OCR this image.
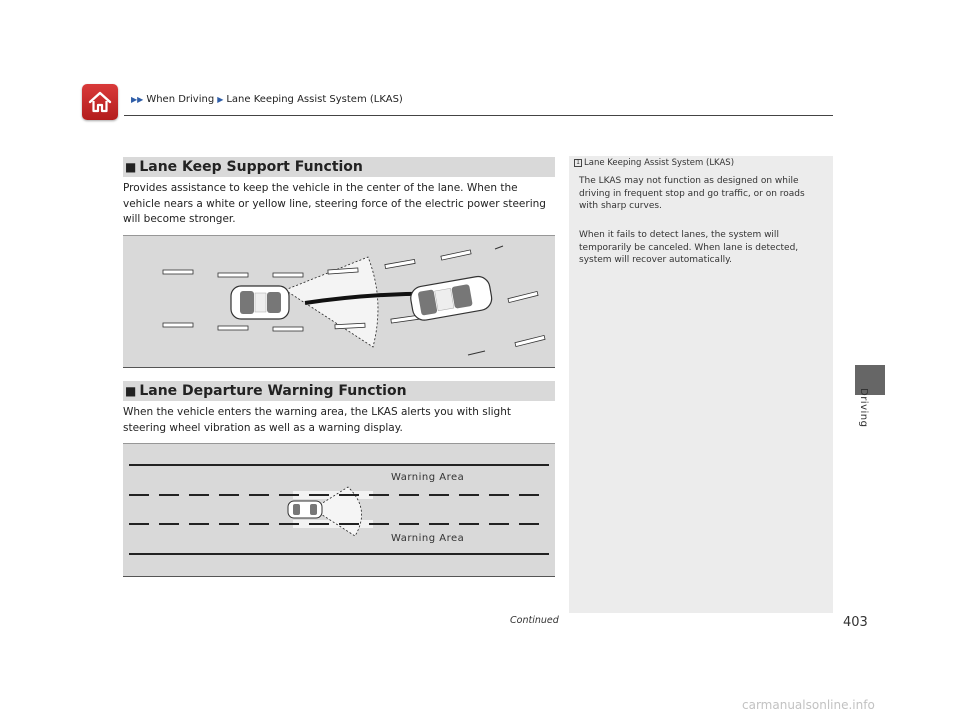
▶▶ When Driving ▶ Lane Keeping Assist System (LKAS)
Driving
■ Lane Keep Support Function
Provides assistance to keep the vehicle in the center of the lane. When the vehicle nears a white or yellow line, steering force of the electric power steering will become stronger.
■ Lane Departure Warning Function
When the vehicle enters the warning area, the LKAS alerts you with slight steering wheel vibration as well as a warning display.
Warning Area
Warning Area
1 Lane Keeping Assist System (LKAS)
The LKAS may not function as designed on while driving in frequent stop and go traffic, or on roads with sharp curves.
When it fails to detect lanes, the system will temporarily be canceled. When lane is detected, system will recover automatically.
Continued	403
carmanualsonline.info
